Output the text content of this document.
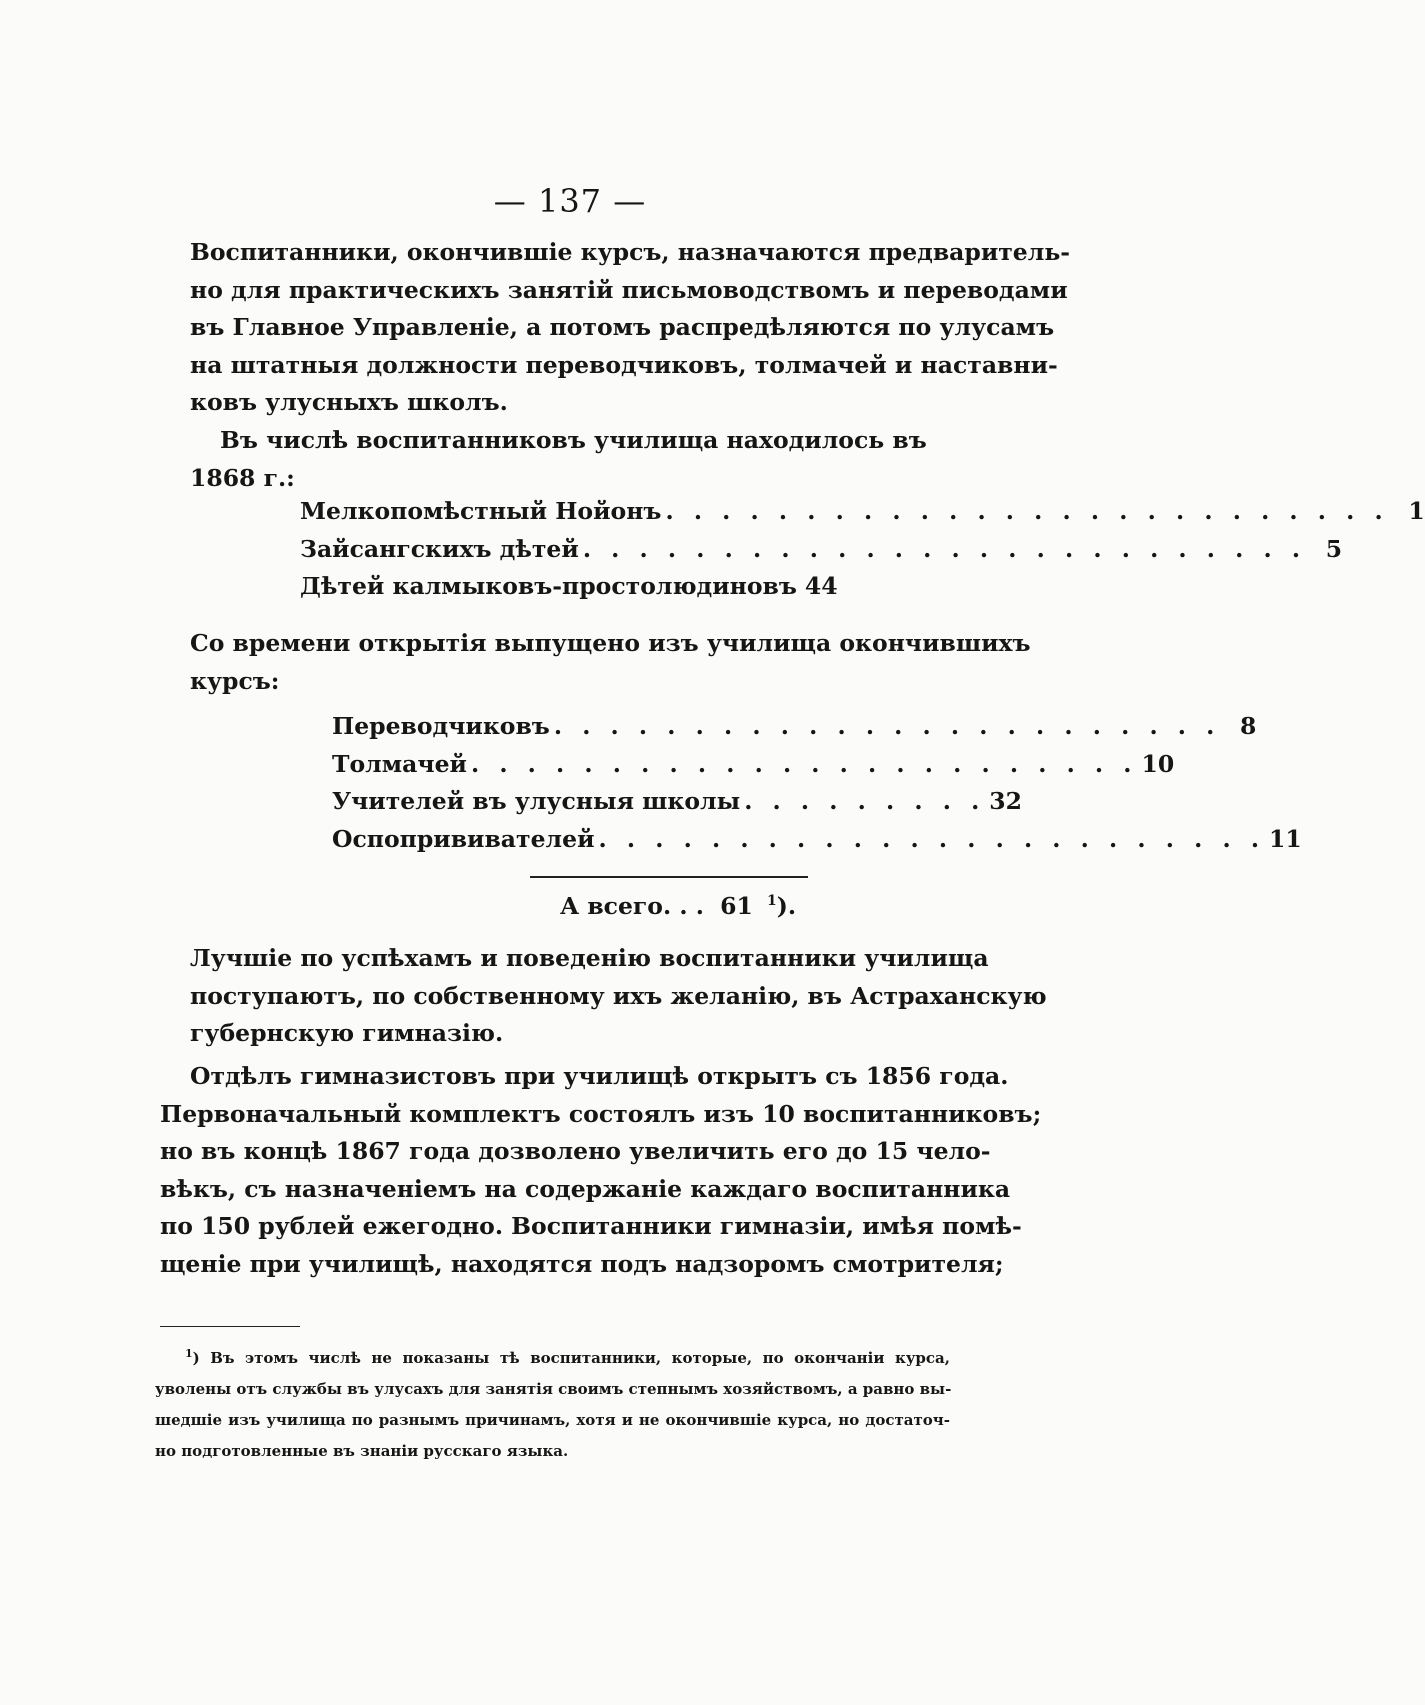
— 137 —
Воспитанники, окончившіе курсъ, назначаются предваритель-
но для практическихъ занятій письмоводствомъ и переводами
въ Главное Управленіе, а потомъ распредѣляются по улусамъ
на штатныя должности переводчиковъ, толмачей и наставни-
ковъ улусныхъ школъ.
Въ числѣ воспитанниковъ училища находилось въ 1868 г.:
Мелкопомѣстный Нойонъ . . . . . . . . . . . . . . . . . . . . . . . . . . 1
Зайсангскихъ дѣтей . . . . . . . . . . . . . . . . . . . . . . . . . . 5
Дѣтей калмыковъ-простолюдиновъ 44
Со времени открытія выпущено изъ училища окончившихъ
курсъ:
Переводчиковъ . . . . . . . . . . . . . . . . . . . . . . . . 8
Толмачей . . . . . . . . . . . . . . . . . . . . . . . . 10
Учителей въ улусныя школы . . . . . . . . . 32
Оспопрививателей . . . . . . . . . . . . . . . . . . . . . . . . 11
А всего. . . 61 $^1$).
Лучшіе по успѣхамъ и поведенію воспитанники училища
поступаютъ, по собственному ихъ желанію, въ Астраханскую
губернскую гимназію.
Отдѣлъ гимназистовъ при училищѣ открытъ съ 1856 года.
Первоначальный комплектъ состоялъ изъ 10 воспитанниковъ;
но въ концѣ 1867 года дозволено увеличить его до 15 чело-
вѣкъ, съ назначеніемъ на содержаніе каждаго воспитанника
по 150 рублей ежегодно. Воспитанники гимназіи, имѣя помѣ-
щеніе при училищѣ, находятся подъ надзоромъ смотрителя;
$^1$) Въ этомъ числѣ не показаны тѣ воспитанники, которые, по окончаніи курса,
уволены отъ службы въ улусахъ для занятія своимъ степнымъ хозяйствомъ, а равно вы-
шедшіе изъ училища по разнымъ причинамъ, хотя и не окончившіе курса, но достаточ-
но подготовленные въ знаніи русскаго языка.
